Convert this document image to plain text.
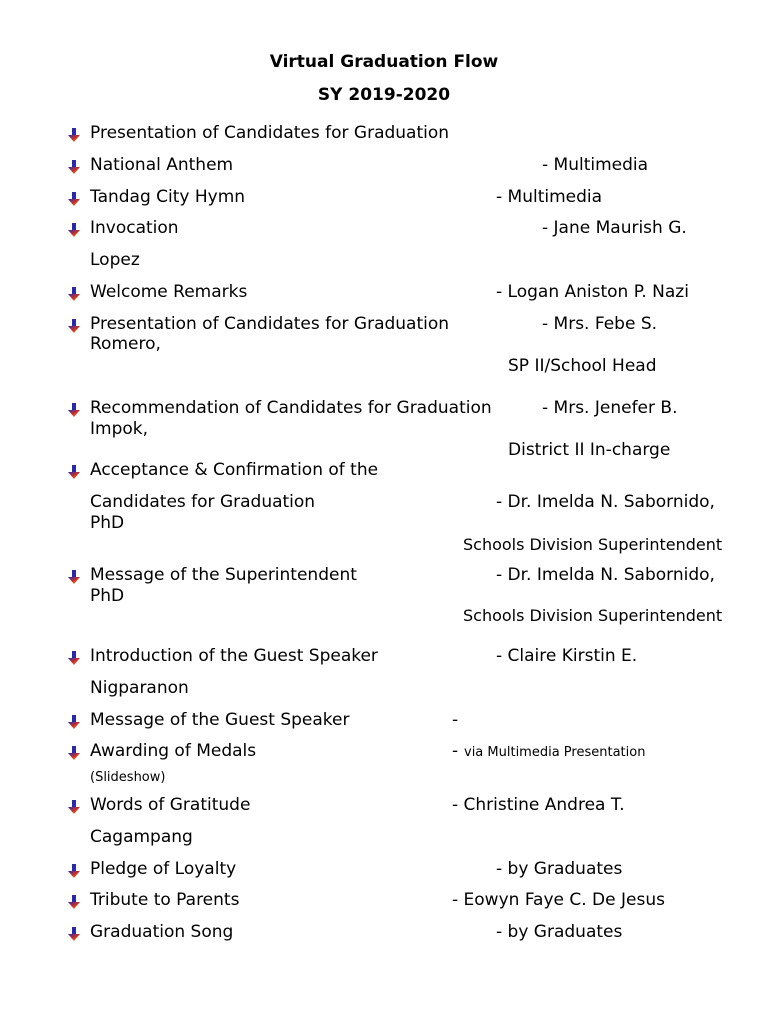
Virtual Graduation Flow
SY 2019-2020
Presentation of Candidates for Graduation
National Anthem	- Multimedia
Tandag City Hymn	- Multimedia
Invocation	- Jane Maurish G.
Lopez
Welcome Remarks	- Logan Aniston P. Nazi
Presentation of Candidates for Graduation	- Mrs. Febe S.
Romero,
SP II/School Head
Recommendation of Candidates for Graduation	- Mrs. Jenefer B.
Impok,
District II In-charge
Acceptance & Confirmation of the
Candidates for Graduation	- Dr. Imelda N. Sabornido,
PhD
Schools Division Superintendent
Message of the Superintendent	- Dr. Imelda N. Sabornido,
PhD
Schools Division Superintendent
Introduction of the Guest Speaker	- Claire Kirstin E.
Nigparanon
Message of the Guest Speaker	-
Awarding of Medals	- via Multimedia Presentation
(Slideshow)
Words of Gratitude	- Christine Andrea T.
Cagampang
Pledge of Loyalty	- by Graduates
Tribute to Parents	- Eowyn Faye C. De Jesus
Graduation Song	- by Graduates
